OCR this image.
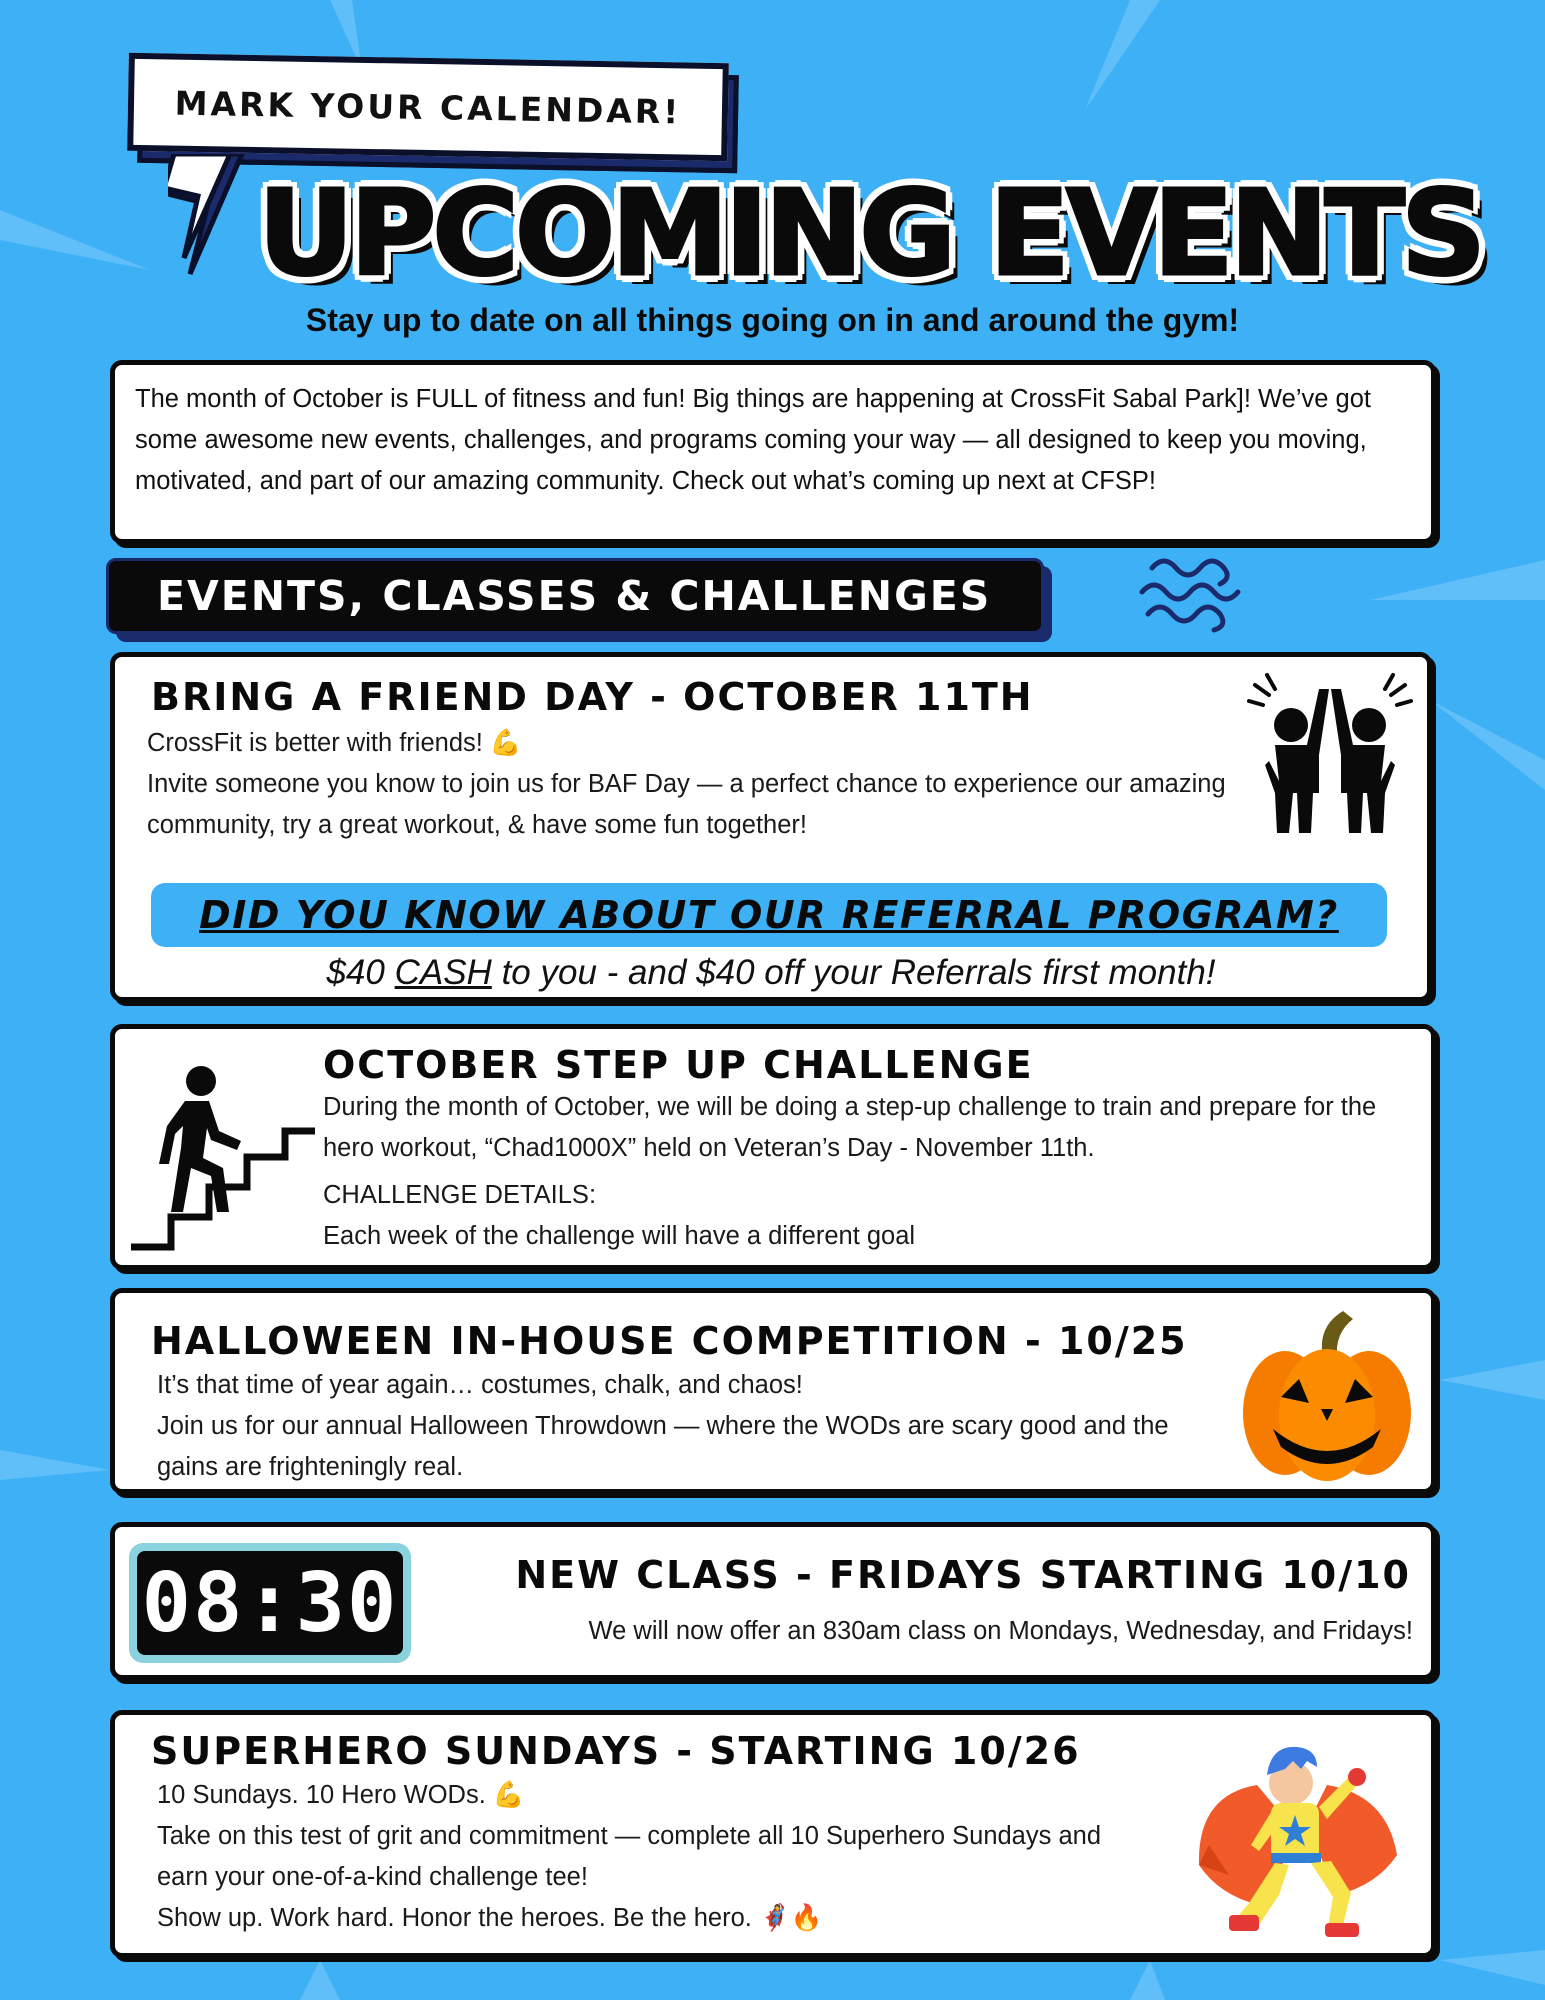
MARK YOUR CALENDAR!
UPCOMING EVENTS
Stay up to date on all things going on in and around the gym!

The month of October is FULL of fitness and fun! Big things are happening at CrossFit Sabal Park]! We’ve got some awesome new events, challenges, and programs coming your way — all designed to keep you moving, motivated, and part of our amazing community. Check out what’s coming up next at CFSP!

EVENTS, CLASSES & CHALLENGES
BRING A FRIEND DAY - OCTOBER 11TH
CrossFit is better with friends! 💪
Invite someone you know to join us for BAF Day — a perfect chance to experience our amazing community, try a great workout, & have some fun together!
DID YOU KNOW ABOUT OUR REFERRAL PROGRAM?
$40 CASH to you - and $40 off your Referrals first month!
OCTOBER STEP UP CHALLENGE
During the month of October, we will be doing a step-up challenge to train and prepare for the hero workout, “Chad1000X” held on Veteran’s Day - November 11th.
CHALLENGE DETAILS:
Each week of the challenge will have a different goal
HALLOWEEN IN-HOUSE COMPETITION - 10/25
It’s that time of year again… costumes, chalk, and chaos!
Join us for our annual Halloween Throwdown — where the WODs are scary good and the gains are frighteningly real.
08:30	NEW CLASS - FRIDAYS STARTING 10/10
We will now offer an 830am class on Mondays, Wednesday, and Fridays!
SUPERHERO SUNDAYS - STARTING 10/26
10 Sundays. 10 Hero WODs. 💪
Take on this test of grit and commitment — complete all 10 Superhero Sundays and earn your one-of-a-kind challenge tee!
Show up. Work hard. Honor the heroes. Be the hero. 🦸‍♀️🔥
